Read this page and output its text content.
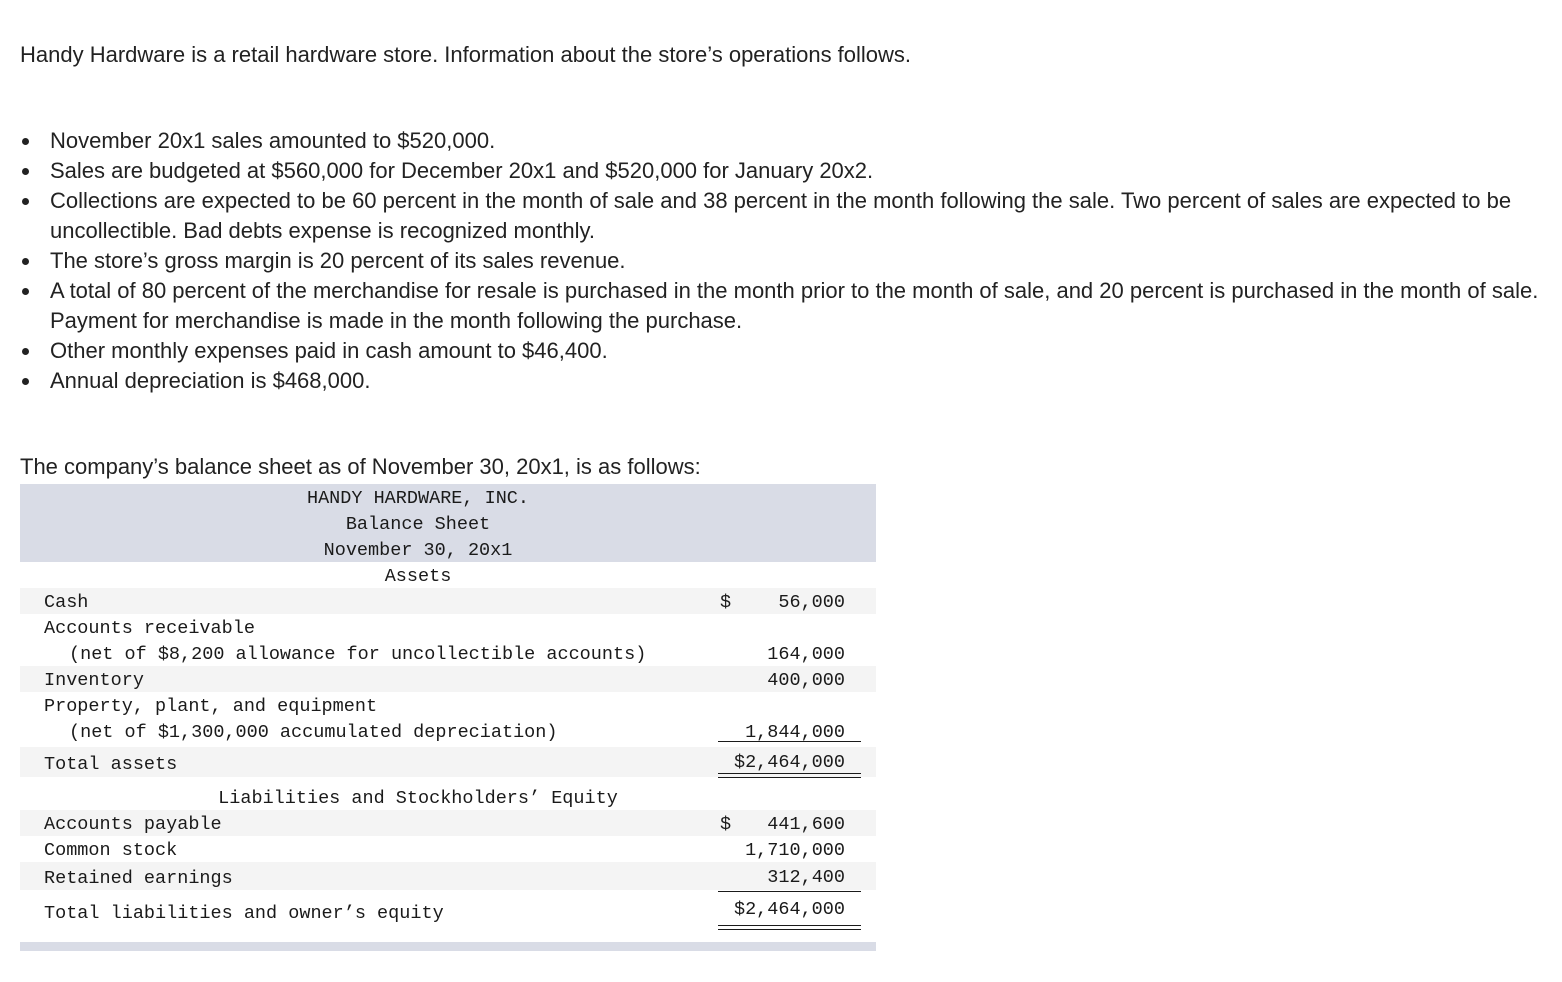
Handy Hardware is a retail hardware store. Information about the store’s operations follows.

November 20x1 sales amounted to $520,000.
Sales are budgeted at $560,000 for December 20x1 and $520,000 for January 20x2.
Collections are expected to be 60 percent in the month of sale and 38 percent in the month following the sale. Two percent of sales are expected to be uncollectible. Bad debts expense is recognized monthly.
The store’s gross margin is 20 percent of its sales revenue.
A total of 80 percent of the merchandise for resale is purchased in the month prior to the month of sale, and 20 percent is purchased in the month of sale. Payment for merchandise is made in the month following the purchase.
Other monthly expenses paid in cash amount to $46,400.
Annual depreciation is $468,000.

The company’s balance sheet as of November 30, 20x1, is as follows:

HANDY HARDWARE, INC.
Balance Sheet
November 30, 20x1
Assets
Cash	$	56,000
Accounts receivable
(net of $8,200 allowance for uncollectible accounts)	164,000
Inventory	400,000
Property, plant, and equipment
(net of $1,300,000 accumulated depreciation)	1,844,000
Total assets	$2,464,000
Liabilities and Stockholders’ Equity
Accounts payable	$ 441,600
Common stock	1,710,000
Retained earnings	312,400
Total liabilities and owner’s equity	$2,464,000
